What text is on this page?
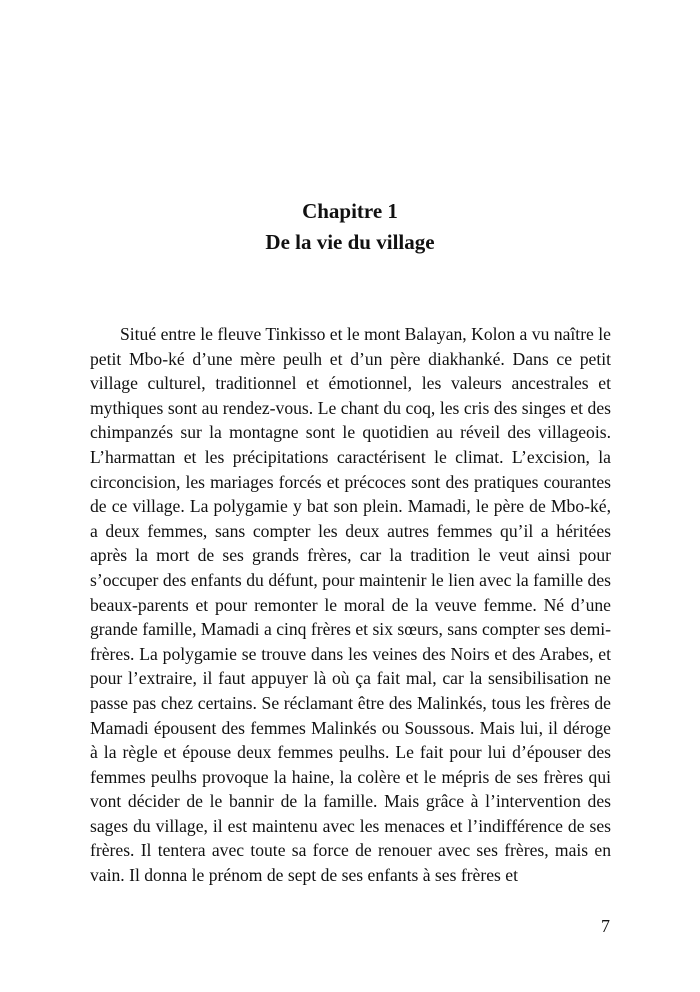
Chapitre 1
De la vie du village

Situé entre le fleuve Tinkisso et le mont Balayan, Kolon a vu naître le petit Mbo-ké d’une mère peulh et d’un père diakhanké. Dans ce petit village culturel, traditionnel et émotionnel, les valeurs ancestrales et mythiques sont au rendez-vous. Le chant du coq, les cris des singes et des chimpanzés sur la montagne sont le quotidien au réveil des villageois. L’harmattan et les précipitations caractérisent le climat. L’excision, la circoncision, les mariages forcés et précoces sont des pratiques courantes de ce village. La polygamie y bat son plein. Mamadi, le père de Mbo-ké, a deux femmes, sans compter les deux autres femmes qu’il a héritées après la mort de ses grands frères, car la tradition le veut ainsi pour s’occuper des enfants du défunt, pour maintenir le lien avec la famille des beaux-parents et pour remonter le moral de la veuve femme. Né d’une grande famille, Mamadi a cinq frères et six sœurs, sans compter ses demi-frères. La polygamie se trouve dans les veines des Noirs et des Arabes, et pour l’extraire, il faut appuyer là où ça fait mal, car la sensibilisation ne passe pas chez certains. Se réclamant être des Malinkés, tous les frères de Mamadi épousent des femmes Malinkés ou Soussous. Mais lui, il déroge à la règle et épouse deux femmes peulhs. Le fait pour lui d’épouser des femmes peulhs provoque la haine, la colère et le mépris de ses frères qui vont décider de le bannir de la famille. Mais grâce à l’intervention des sages du village, il est maintenu avec les menaces et l’indifférence de ses frères. Il tentera avec toute sa force de renouer avec ses frères, mais en vain. Il donna le prénom de sept de ses enfants à ses frères et

7
